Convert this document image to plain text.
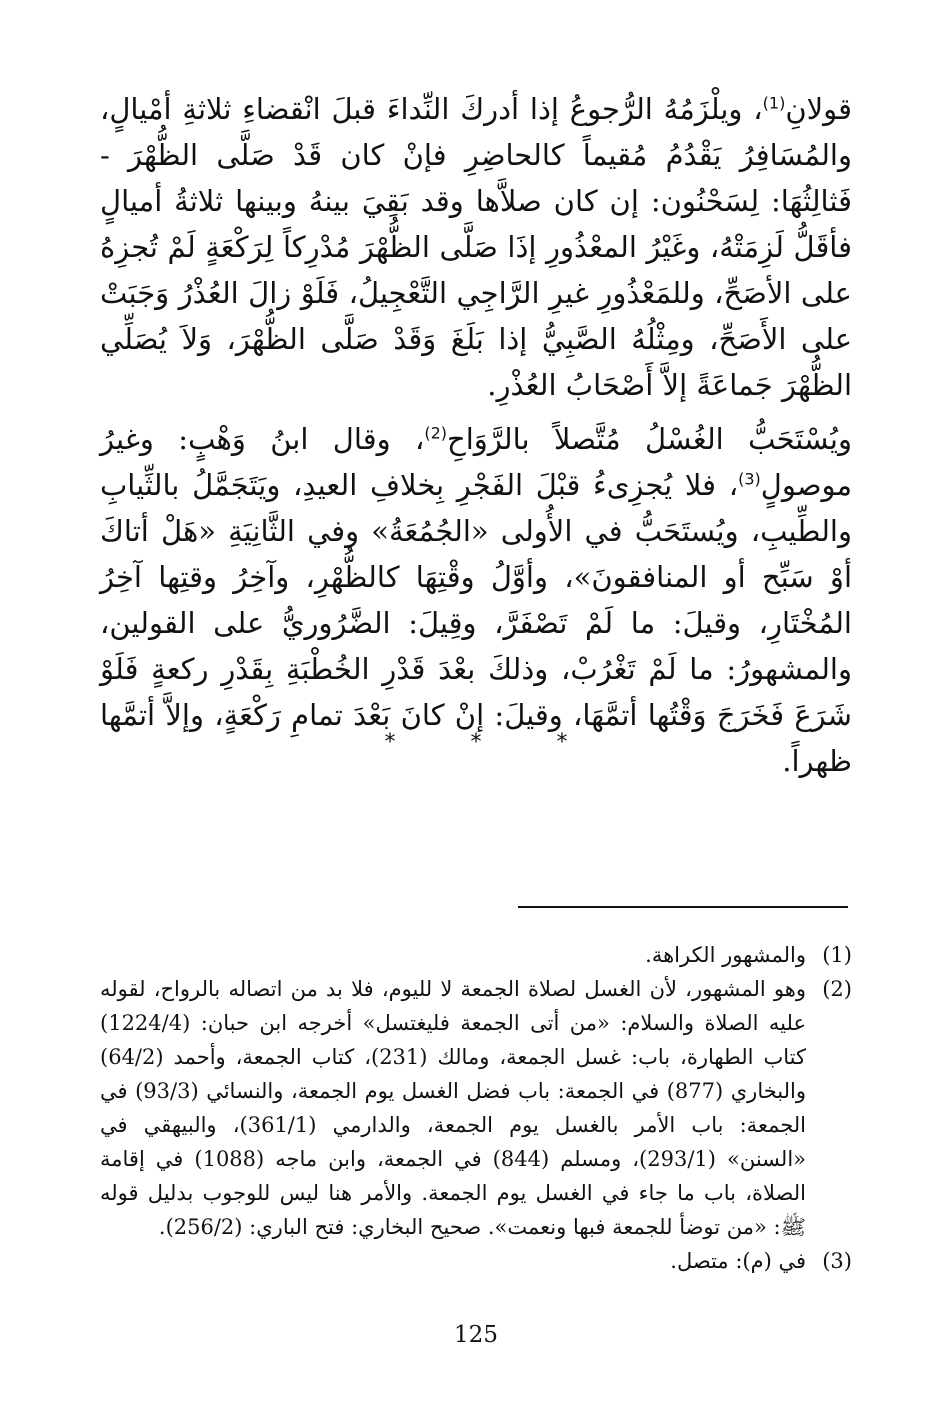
قولانِ$^{(1)}$، ويلْزَمُهُ الرُّجوعُ إذا أدركَ النِّداءَ قبلَ انْقضاءِ ثلاثةِ أمْيالٍ، والمُسَافِرُ يَقْدُمُ مُقيماً كالحاضِرِ فإنْ كان قَدْ صَلَّى الظُّهْرَ - فَثالِثُهَا: لِسَحْنُون: إن كان صلاَّها وقد بَقِيَ بينهُ وبينها ثلاثةُ أميالٍ فأقَلُّ لَزِمَتْهُ، وغَيْرُ المعْذُورِ إذَا صَلَّى الظُّهْرَ مُدْرِكاً لِرَكْعَةٍ لَمْ تُجزِهُ على الأصَحِّ، وللمَعْذُورِ غيرِ الرَّاجِي التَّعْجِيلُ، فَلَوْ زالَ العُذْرُ وَجَبَتْ على الأَصَحِّ، ومِثْلُهُ الصَّبِيُّ إذا بَلَغَ وَقَدْ صَلَّى الظُّهْرَ، وَلاَ يُصَلِّي الظُّهْرَ جَماعَةً إلاَّ أَصْحَابُ العُذْرِ.

ويُسْتَحَبُّ الغُسْلُ مُتَّصلاً بالرَّوَاحِ$^{(2)}$، وقال ابنُ وَهْبٍ: وغيرُ موصولٍ$^{(3)}$، فلا يُجزِىءُ قبْلَ الفَجْرِ بِخلافِ العيدِ، ويَتَجَمَّلُ بالثِّيابِ والطِّيبِ، ويُستَحَبُّ في الأُولى «الجُمُعَةُ» وفي الثَّانِيَةِ «هَلْ أتاكَ أوْ سَبِّح أو المنافقونَ»، وأوَّلُ وقْتِهَا كالظُّهْرِ، وآخِرُ وقتِها آخِرُ المُخْتَارِ، وقيلَ: ما لَمْ تَصْفَرَّ، وقِيلَ: الضَّرُوريُّ على القولين، والمشهورُ: ما لَمْ تَغْرُبْ، وذلكَ بعْدَ قَدْرِ الخُطْبَةِ بِقَدْرِ ركعةٍ فَلَوْ شَرَعَ فَخَرَجَ وَقْتُها أتمَّهَا، وقيلَ: إنْ كانَ بَعْدَ تمامِ رَكْعَةٍ، وإلاَّ أتمَّها ظهراً.

* * *
(1)
والمشهور الكراهة.
(2)
وهو المشهور، لأن الغسل لصلاة الجمعة لا لليوم، فلا بد من اتصاله بالرواح، لقوله عليه الصلاة والسلام: «من أتى الجمعة فليغتسل» أخرجه ابن حبان: (1224/4) كتاب الطهارة، باب: غسل الجمعة، ومالك (231)، كتاب الجمعة، وأحمد (64/2) والبخاري (877) في الجمعة: باب فضل الغسل يوم الجمعة، والنسائي (93/3) في الجمعة: باب الأمر بالغسل يوم الجمعة، والدارمي (361/1)، والبيهقي في «السنن» (293/1)، ومسلم (844) في الجمعة، وابن ماجه (1088) في إقامة الصلاة، باب ما جاء في الغسل يوم الجمعة. والأمر هنا ليس للوجوب بدليل قوله ﷺ: «من توضأ للجمعة فبها ونعمت». صحيح البخاري: فتح الباري: (256/2).
(3)
في (م): متصل.
125
